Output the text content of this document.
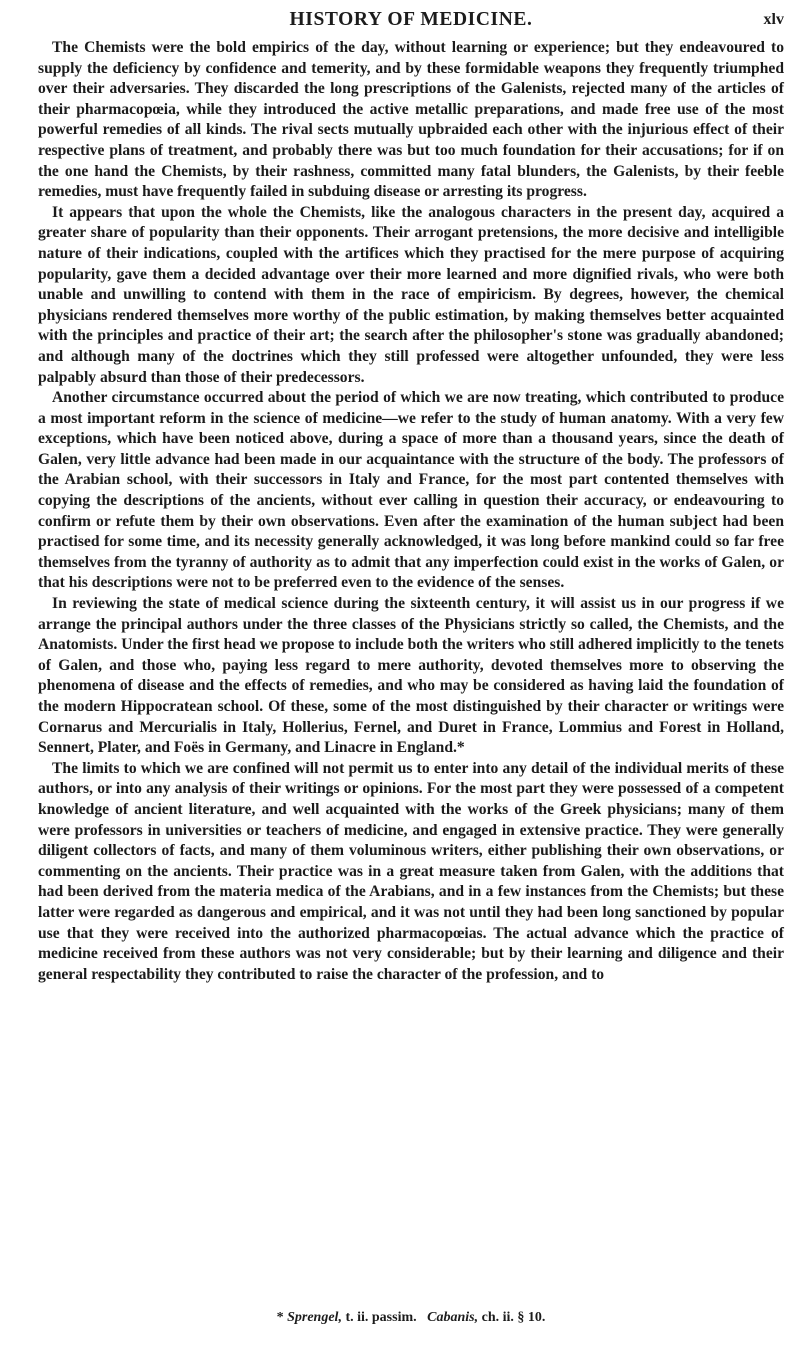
HISTORY OF MEDICINE.	xlv

The Chemists were the bold empirics of the day, without learning or experience; but they endeavoured to supply the deficiency by confidence and temerity, and by these formidable weapons they frequently triumphed over their adversaries. They discarded the long prescriptions of the Galenists, rejected many of the articles of their pharmacopœia, while they introduced the active metallic preparations, and made free use of the most powerful remedies of all kinds. The rival sects mutually upbraided each other with the injurious effect of their respective plans of treatment, and probably there was but too much foundation for their accusations; for if on the one hand the Chemists, by their rashness, committed many fatal blunders, the Galenists, by their feeble remedies, must have frequently failed in subduing disease or arresting its progress.

It appears that upon the whole the Chemists, like the analogous characters in the present day, acquired a greater share of popularity than their opponents. Their arrogant pretensions, the more decisive and intelligible nature of their indications, coupled with the artifices which they practised for the mere purpose of acquiring popularity, gave them a decided advantage over their more learned and more dignified rivals, who were both unable and unwilling to contend with them in the race of empiricism. By degrees, however, the chemical physicians rendered themselves more worthy of the public estimation, by making themselves better acquainted with the principles and practice of their art; the search after the philosopher's stone was gradually abandoned; and although many of the doctrines which they still professed were altogether unfounded, they were less palpably absurd than those of their predecessors.

Another circumstance occurred about the period of which we are now treating, which contributed to produce a most important reform in the science of medicine—we refer to the study of human anatomy. With a very few exceptions, which have been noticed above, during a space of more than a thousand years, since the death of Galen, very little advance had been made in our acquaintance with the structure of the body. The professors of the Arabian school, with their successors in Italy and France, for the most part contented themselves with copying the descriptions of the ancients, without ever calling in question their accuracy, or endeavouring to confirm or refute them by their own observations. Even after the examination of the human subject had been practised for some time, and its necessity generally acknowledged, it was long before mankind could so far free themselves from the tyranny of authority as to admit that any imperfection could exist in the works of Galen, or that his descriptions were not to be preferred even to the evidence of the senses.

In reviewing the state of medical science during the sixteenth century, it will assist us in our progress if we arrange the principal authors under the three classes of the Physicians strictly so called, the Chemists, and the Anatomists. Under the first head we propose to include both the writers who still adhered implicitly to the tenets of Galen, and those who, paying less regard to mere authority, devoted themselves more to observing the phenomena of disease and the effects of remedies, and who may be considered as having laid the foundation of the modern Hippocratean school. Of these, some of the most distinguished by their character or writings were Cornarus and Mercurialis in Italy, Hollerius, Fernel, and Duret in France, Lommius and Forest in Holland, Sennert, Plater, and Foës in Germany, and Linacre in England.*

The limits to which we are confined will not permit us to enter into any detail of the individual merits of these authors, or into any analysis of their writings or opinions. For the most part they were possessed of a competent knowledge of ancient literature, and well acquainted with the works of the Greek physicians; many of them were professors in universities or teachers of medicine, and engaged in extensive practice. They were generally diligent collectors of facts, and many of them voluminous writers, either publishing their own observations, or commenting on the ancients. Their practice was in a great measure taken from Galen, with the additions that had been derived from the materia medica of the Arabians, and in a few instances from the Chemists; but these latter were regarded as dangerous and empirical, and it was not until they had been long sanctioned by popular use that they were received into the authorized pharmacopœias. The actual advance which the practice of medicine received from these authors was not very considerable; but by their learning and diligence and their general respectability they contributed to raise the character of the profession, and to

* Sprengel, t. ii. passim. Cabanis, ch. ii. § 10.
